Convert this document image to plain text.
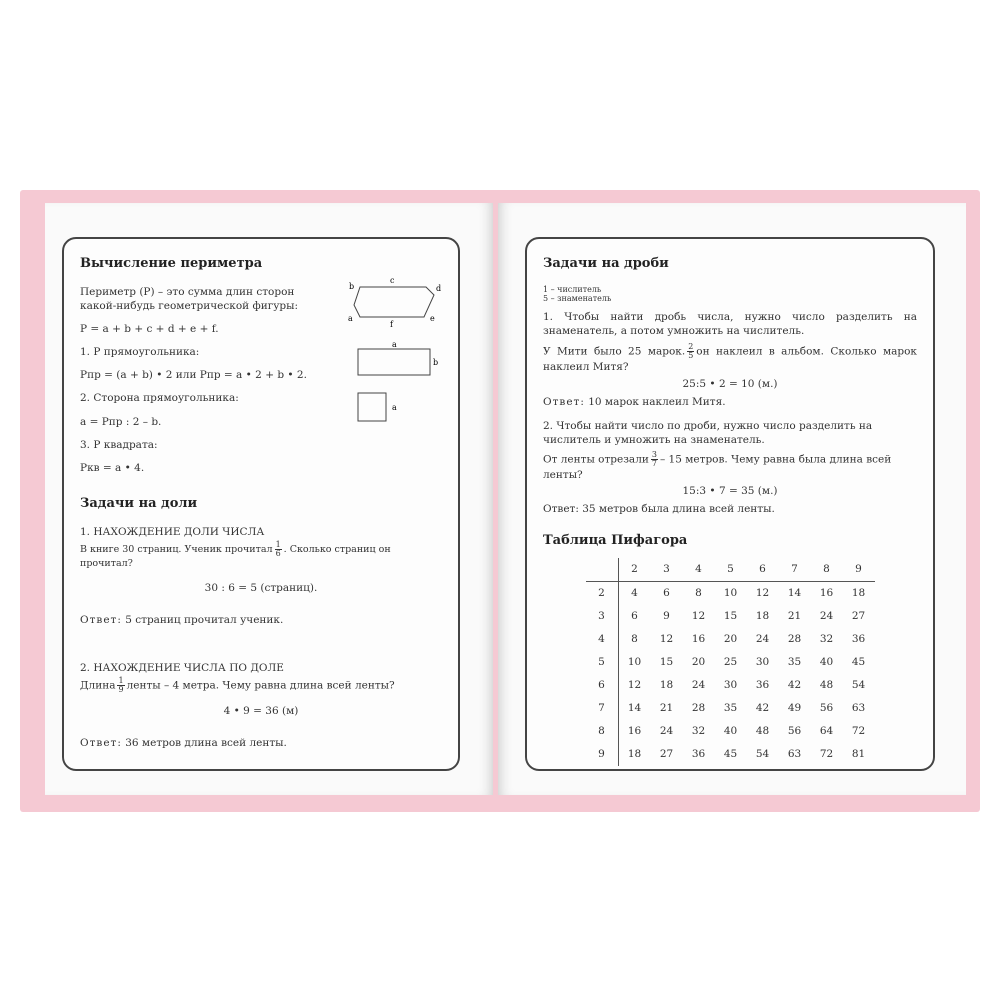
Вычисление периметра

Периметр (P) – это сумма длин сторон какой-нибудь геометрической фигуры:

P = a + b + c + d + e + f.

1. P прямоугольника:

Pпр = (a + b) • 2 или Pпр = a • 2 + b • 2.

2. Сторона прямоугольника:

a = Pпр : 2 – b.

3. P квадрата:

Pкв = a • 4.

a
b
c
d
e
f
a
b
a
Задачи на доли

1. НАХОЖДЕНИЕ ДОЛИ ЧИСЛА

В книге 30 страниц. Ученик прочитал $\frac{1}{6}$ . Сколько страниц он прочитал?

30 : 6 = 5 (страниц).

Ответ: 5 страниц прочитал ученик.

2. НАХОЖДЕНИЕ ЧИСЛА ПО ДОЛЕ

Длина $\frac{1}{9}$ ленты – 4 метра. Чему равна длина всей ленты?

4 • 9 = 36 (м)

Ответ: 36 метров длина всей ленты.

Задачи на дроби
1 – числитель
5 – знаменатель

1. Чтобы найти дробь числа, нужно число разделить на знаменатель, а потом умножить на числитель.

У Мити было 25 марок. $\frac{2}{5}$ он наклеил в альбом. Сколько марок наклеил Митя?

25:5 • 2 = 10 (м.)

Ответ: 10 марок наклеил Митя.

2. Чтобы найти число по дроби, нужно число разделить на числитель и умножить на знаменатель.

От ленты отрезали $\frac{3}{7} - 15$ метров. Чему равна была длина всей ленты?

15:3 • 7 = 35 (м.)

Ответ: 35 метров была длина всей ленты.

Таблица Пифагора
	2	3	4	5	6	7	8	9
2	4	6	8	10	12	14	16	18
3	6	9	12	15	18	21	24	27
4	8	12	16	20	24	28	32	36
5	10	15	20	25	30	35	40	45
6	12	18	24	30	36	42	48	54
7	14	21	28	35	42	49	56	63
8	16	24	32	40	48	56	64	72
9	18	27	36	45	54	63	72	81
